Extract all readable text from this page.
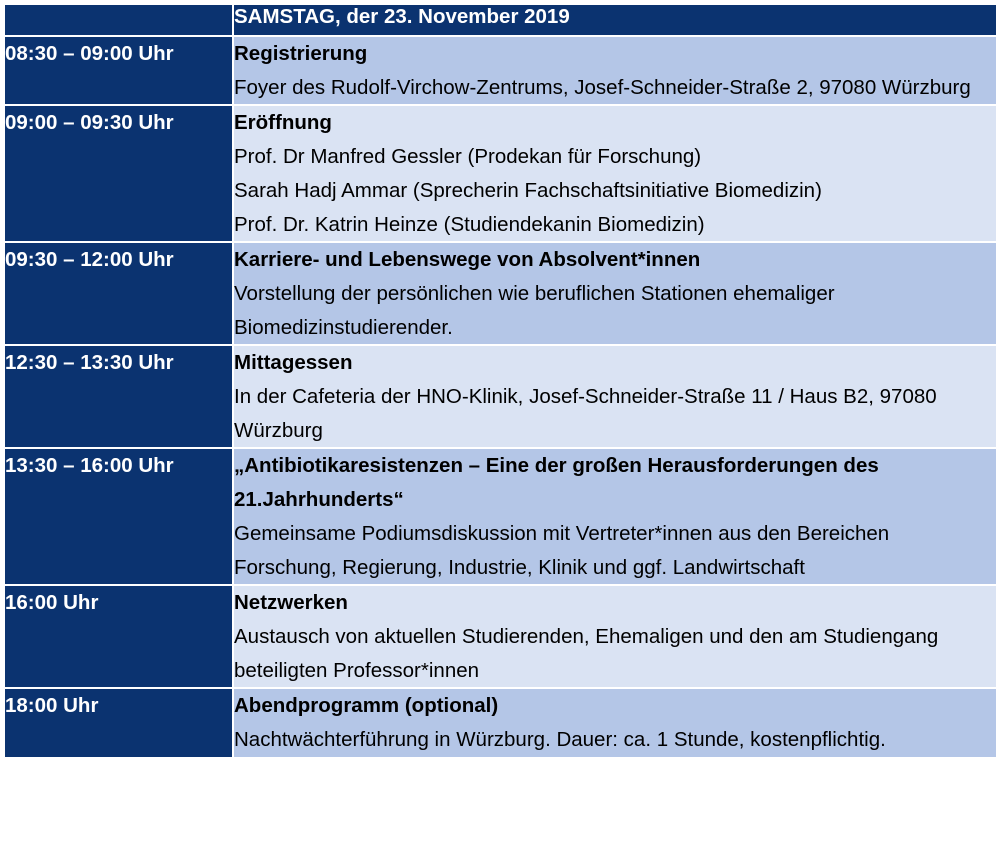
	SAMSTAG, der 23. November 2019
08:30 – 09:00 Uhr	Registrierung
Foyer des Rudolf-Virchow-Zentrums, Josef-Schneider-Straße 2, 97080 Würzburg

09:00 – 09:30 Uhr	Eröffnung
Prof. Dr Manfred Gessler (Prodekan für Forschung)
Sarah Hadj Ammar (Sprecherin Fachschaftsinitiative Biomedizin)
Prof. Dr. Katrin Heinze (Studiendekanin Biomedizin)

09:30 – 12:00 Uhr	Karriere- und Lebenswege von Absolvent*innen
Vorstellung der persönlichen wie beruflichen Stationen ehemaliger Biomedizinstudierender.

12:30 – 13:30 Uhr	Mittagessen
In der Cafeteria der HNO-Klinik, Josef-Schneider-Straße 11 / Haus B2, 97080 Würzburg

13:30 – 16:00 Uhr	„Antibiotikaresistenzen – Eine der großen Herausforderungen des 21.Jahrhunderts“
Gemeinsame Podiumsdiskussion mit Vertreter*innen aus den Bereichen Forschung, Regierung, Industrie, Klinik und ggf. Landwirtschaft

16:00 Uhr	Netzwerken
Austausch von aktuellen Studierenden, Ehemaligen und den am Studiengang beteiligten Professor*innen

18:00 Uhr	Abendprogramm (optional)
Nachtwächterführung in Würzburg. Dauer: ca. 1 Stunde, kostenpflichtig.
